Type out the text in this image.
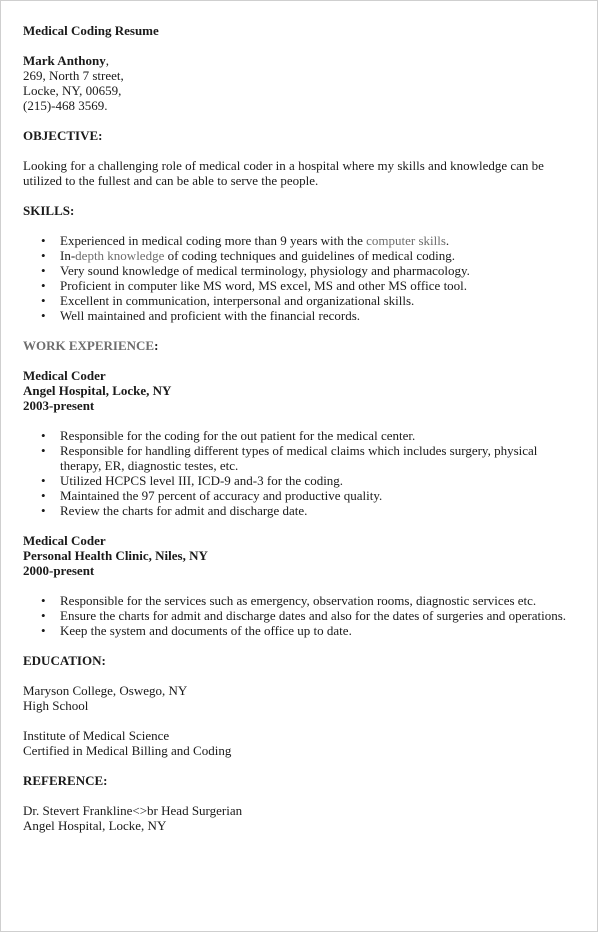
Medical Coding Resume
Mark Anthony,
269, North 7 street,
Locke, NY, 00659,
(215)-468 3569.
OBJECTIVE:
Looking for a challenging role of medical coder in a hospital where my skills and knowledge can be utilized to the fullest and can be able to serve the people.
SKILLS:
• Experienced in medical coding more than 9 years with the computer skills.
• In-depth knowledge of coding techniques and guidelines of medical coding.
• Very sound knowledge of medical terminology, physiology and pharmacology.
• Proficient in computer like MS word, MS excel, MS and other MS office tool.
• Excellent in communication, interpersonal and organizational skills.
• Well maintained and proficient with the financial records.
WORK EXPERIENCE:
Medical Coder
Angel Hospital, Locke, NY
2003-present
• Responsible for the coding for the out patient for the medical center.
• Responsible for handling different types of medical claims which includes surgery, physical therapy, ER, diagnostic testes, etc.
• Utilized HCPCS level III, ICD-9 and-3 for the coding.
• Maintained the 97 percent of accuracy and productive quality.
• Review the charts for admit and discharge date.
Medical Coder
Personal Health Clinic, Niles, NY
2000-present
• Responsible for the services such as emergency, observation rooms, diagnostic services etc.
• Ensure the charts for admit and discharge dates and also for the dates of surgeries and operations.
• Keep the system and documents of the office up to date.
EDUCATION:
Maryson College, Oswego, NY
High School
Institute of Medical Science
Certified in Medical Billing and Coding
REFERENCE:
Dr. Stevert Frankline<>br Head Surgerian
Angel Hospital, Locke, NY
